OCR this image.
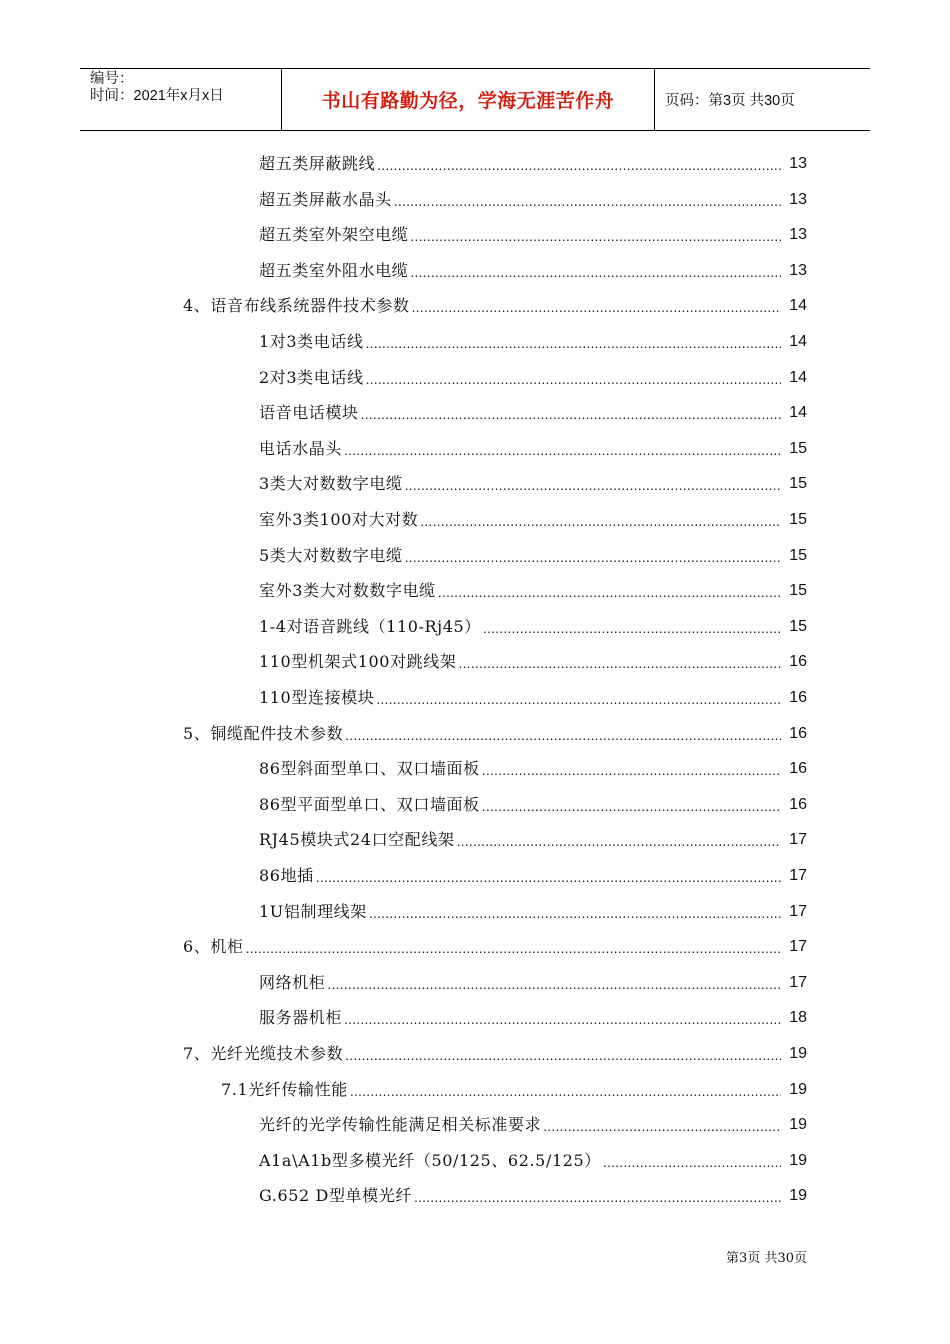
编号：
时间：2021年x月x日	书山有路勤为径，学海无涯苦作舟	页码：第3页 共30页
超五类屏蔽跳线 .....	13
超五类屏蔽水晶头 .....	13
超五类室外架空电缆 .....	13
超五类室外阻水电缆 .....	13
4、语音布线系统器件技术参数 .....	14
1对3类电话线 .....	14
2对3类电话线 .....	14
语音电话模块 .....	14
电话水晶头 .....	15
3类大对数数字电缆 .....	15
室外3类100对大对数 .....	15
5类大对数数字电缆 .....	15
室外3类大对数数字电缆 .....	15
1-4对语音跳线（110-Rj45） .....	15
110型机架式100对跳线架 .....	16
110型连接模块 .....	16
5、铜缆配件技术参数 .....	16
86型斜面型单口、双口墙面板 .....	16
86型平面型单口、双口墙面板 .....	16
RJ45模块式24口空配线架 .....	17
86地插 .....	17
1U铝制理线架 .....	17
6、机柜 .....	17
网络机柜 .....	17
服务器机柜 .....	18
7、光纤光缆技术参数 .....	19
7.1光纤传输性能 .....	19
光纤的光学传输性能满足相关标准要求 .....	19
A1a\A1b型多模光纤（50/125、62.5/125） .....	19
G.652 D型单模光纤 .....	19
第3页 共30页
